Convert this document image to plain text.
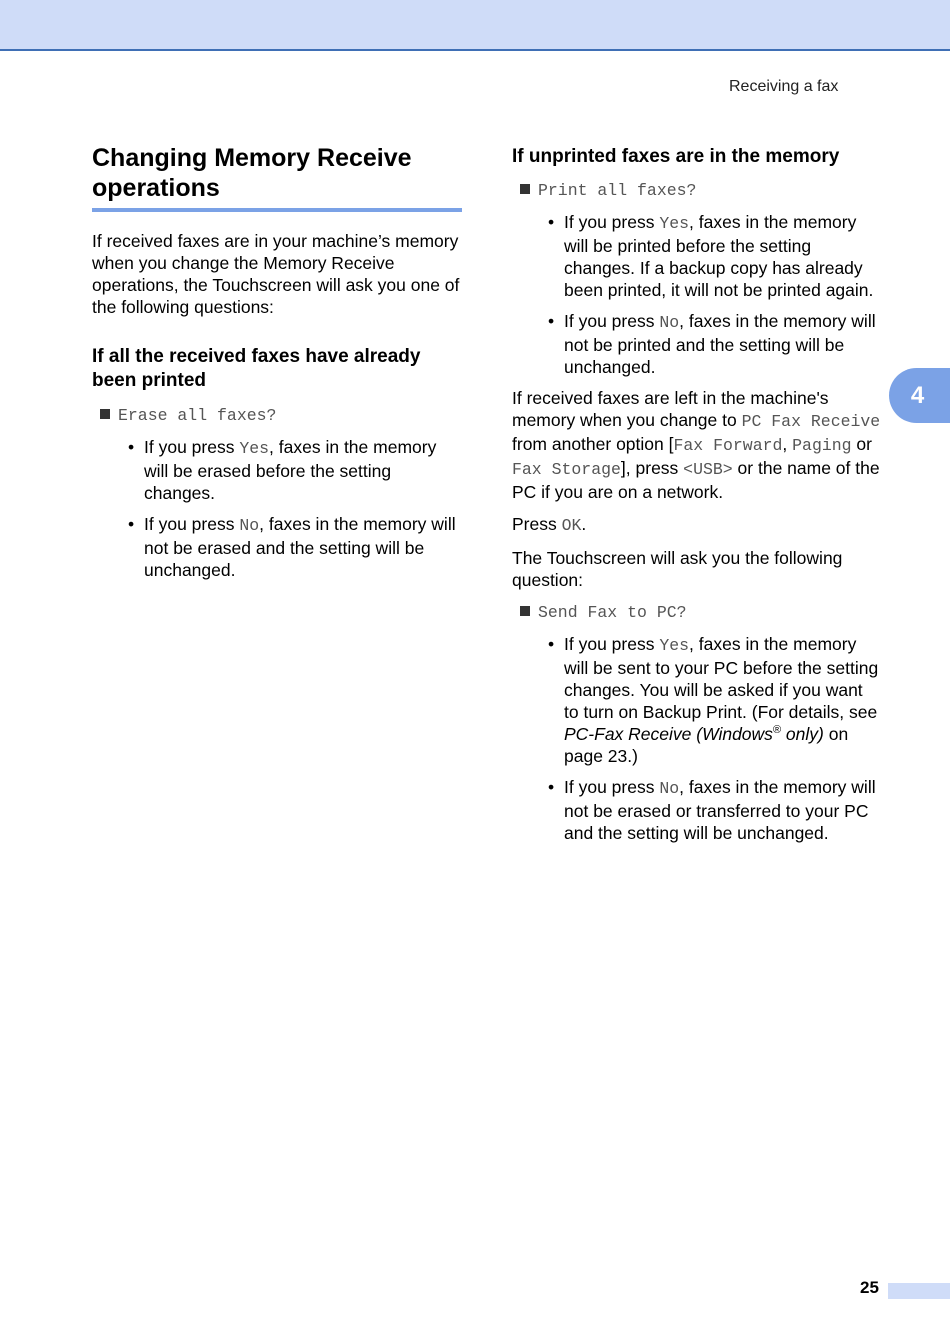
Receiving a fax
Changing Memory Receive operations

If received faxes are in your machine’s memory when you change the Memory Receive operations, the Touchscreen will ask you one of the following questions:

If all the received faxes have already been printed
Erase all faxes?
• If you press Yes, faxes in the memory will be erased before the setting changes.
• If you press No, faxes in the memory will not be erased and the setting will be unchanged.
If unprinted faxes are in the memory
Print all faxes?
• If you press Yes, faxes in the memory will be printed before the setting changes. If a backup copy has already been printed, it will not be printed again.
• If you press No, faxes in the memory will not be printed and the setting will be unchanged.

If received faxes are left in the machine's memory when you change to PC Fax Receive from another option [Fax Forward, Paging or Fax Storage], press <USB> or the name of the PC if you are on a network.

Press OK.

The Touchscreen will ask you the following question:

Send Fax to PC?
• If you press Yes, faxes in the memory will be sent to your PC before the setting changes. You will be asked if you want to turn on Backup Print. (For details, see PC-Fax Receive (Windows® only) on page 23.)
• If you press No, faxes in the memory will not be erased or transferred to your PC and the setting will be unchanged.
4
25
